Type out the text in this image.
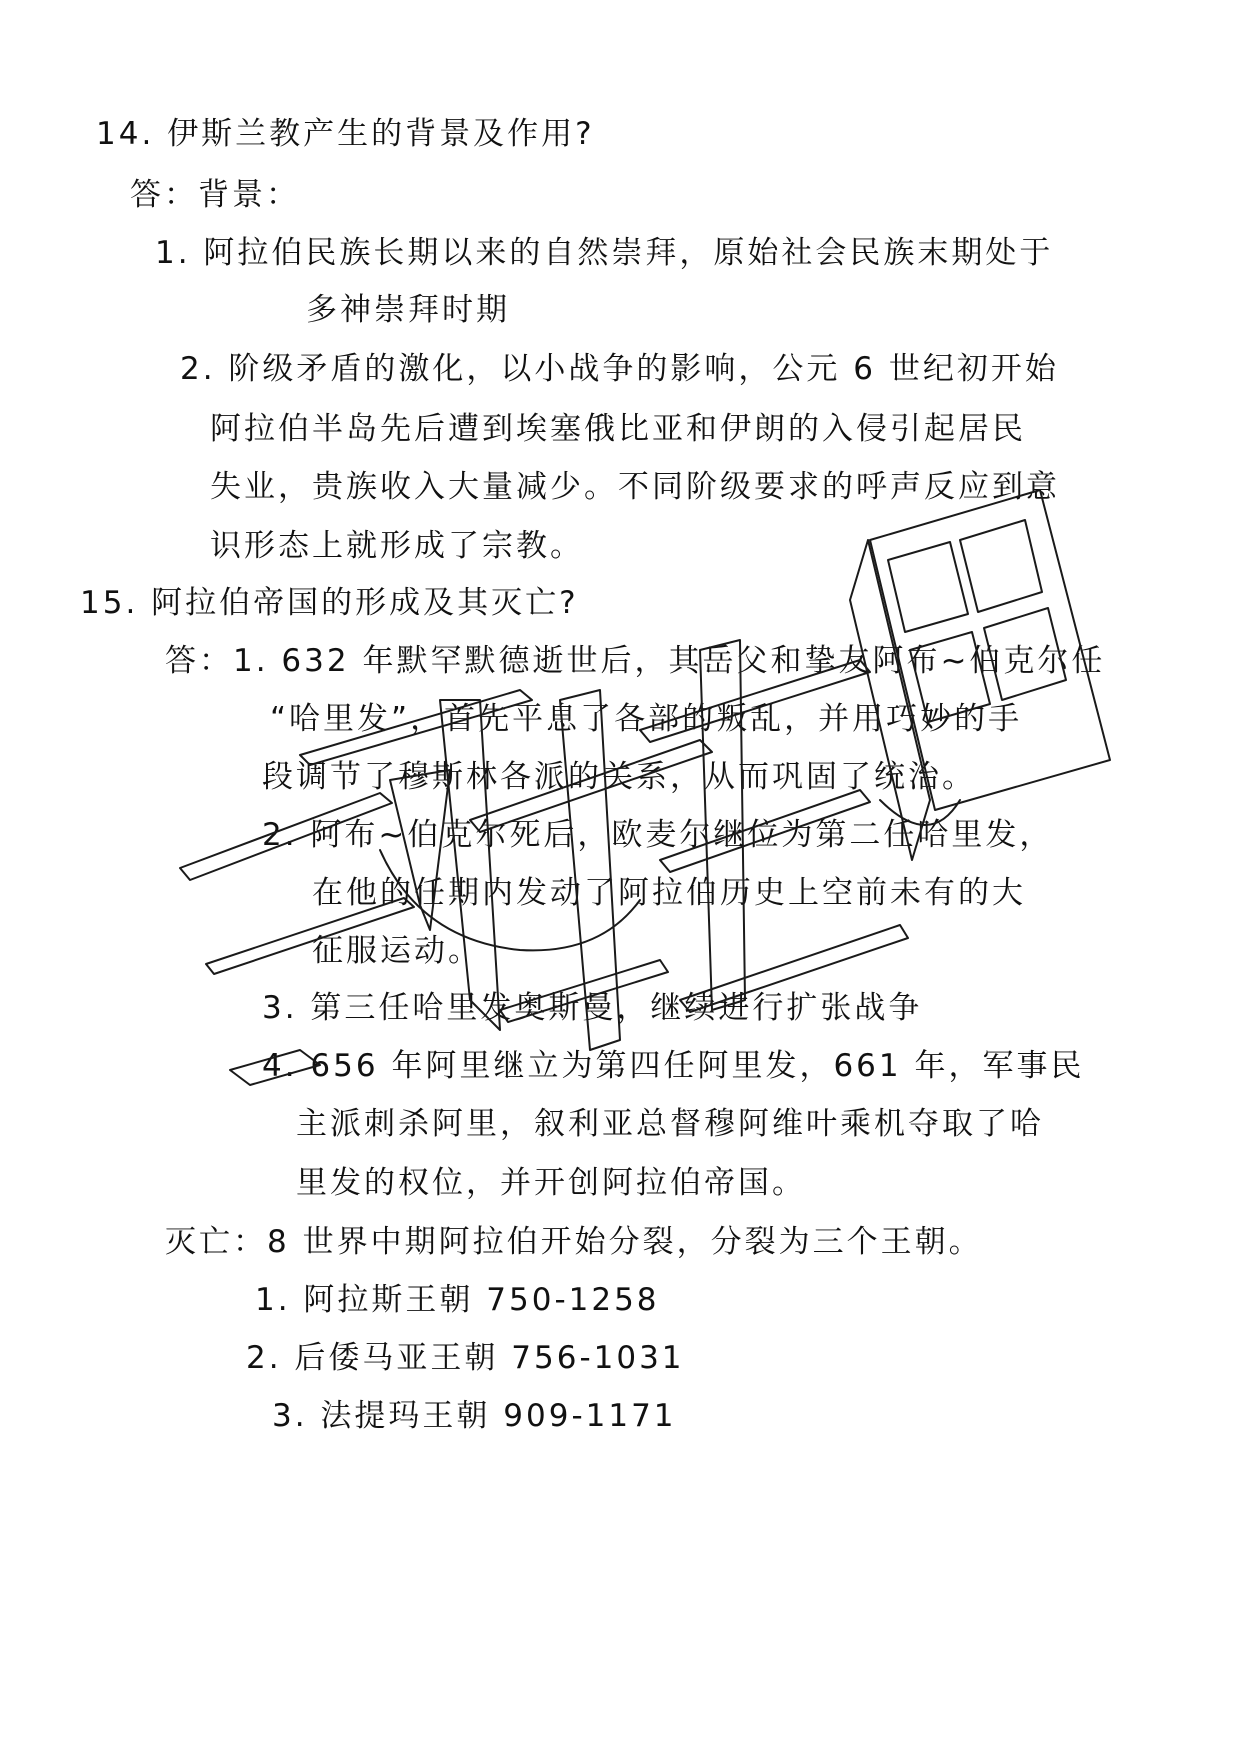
14. 伊斯兰教产生的背景及作用?
答：背景：
1. 阿拉伯民族长期以来的自然崇拜，原始社会民族末期处于
多神崇拜时期
2. 阶级矛盾的激化，以小战争的影响，公元 6 世纪初开始
阿拉伯半岛先后遭到埃塞俄比亚和伊朗的入侵引起居民
失业，贵族收入大量减少。不同阶级要求的呼声反应到意
识形态上就形成了宗教。
15. 阿拉伯帝国的形成及其灭亡?
答：1. 632 年默罕默德逝世后，其岳父和挚友阿布~伯克尔任
“哈里发”，首先平息了各部的叛乱，并用巧妙的手
段调节了穆斯林各派的关系，从而巩固了统治。
2. 阿布~伯克尔死后，欧麦尔继位为第二任哈里发，
在他的任期内发动了阿拉伯历史上空前未有的大
征服运动。
3. 第三任哈里发奥斯曼，继续进行扩张战争
4. 656 年阿里继立为第四任阿里发，661 年，军事民
主派刺杀阿里，叙利亚总督穆阿维叶乘机夺取了哈
里发的权位，并开创阿拉伯帝国。
灭亡：8 世界中期阿拉伯开始分裂，分裂为三个王朝。
1. 阿拉斯王朝 750-1258
2. 后倭马亚王朝 756-1031
3. 法提玛王朝 909-1171
